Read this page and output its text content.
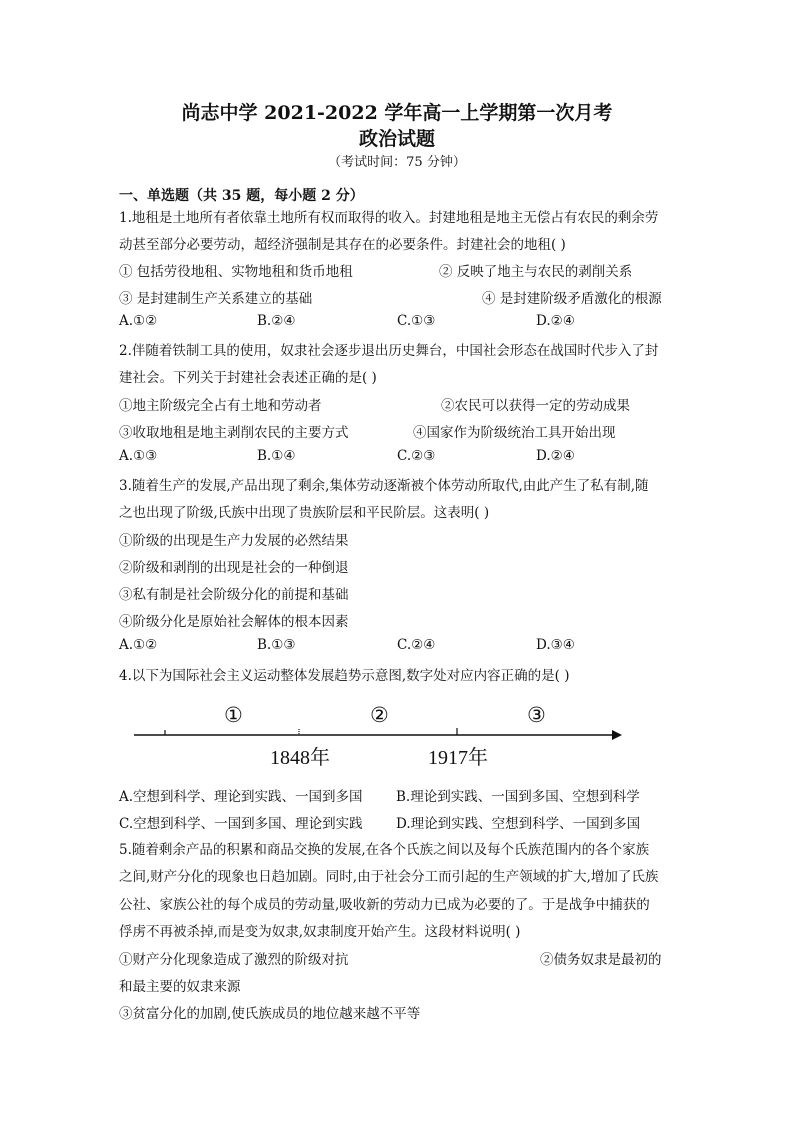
尚志中学 2021-2022 学年高一上学期第一次月考
政治试题
（考试时间：75 分钟）
一、单选题（共 35 题，每小题 2 分）
1.地租是土地所有者依靠土地所有权而取得的收入。封建地租是地主无偿占有农民的剩余劳
动甚至部分必要劳动，超经济强制是其存在的必要条件。封建社会的地租( )
① 包括劳役地租、实物地租和货币地租	② 反映了地主与农民的剥削关系
③ 是封建制生产关系建立的基础	④ 是封建阶级矛盾激化的根源
A.①②	B.②④	C.①③	D.②④
2.伴随着铁制工具的使用，奴隶社会逐步退出历史舞台，中国社会形态在战国时代步入了封
建社会。下列关于封建社会表述正确的是( )
①地主阶级完全占有土地和劳动者	②农民可以获得一定的劳动成果
③收取地租是地主剥削农民的主要方式	④国家作为阶级统治工具开始出现
A.①③	B.①④	C.②③	D.②④
3.随着生产的发展,产品出现了剩余,集体劳动逐渐被个体劳动所取代,由此产生了私有制,随
之也出现了阶级,氏族中出现了贵族阶层和平民阶层。这表明( )
①阶级的出现是生产力发展的必然结果
②阶级和剥削的出现是社会的一种倒退
③私有制是社会阶级分化的前提和基础
④阶级分化是原始社会解体的根本因素
A.①②	B.①③	C.②④	D.③④
4.以下为国际社会主义运动整体发展趋势示意图,数字处对应内容正确的是( )
①	②	③
1848年	1917年
A.空想到科学、理论到实践、一国到多国 B.理论到实践、一国到多国、空想到科学
C.空想到科学、一国到多国、理论到实践 D.理论到实践、空想到科学、一国到多国
5.随着剩余产品的积累和商品交换的发展,在各个氏族之间以及每个氏族范围内的各个家族
之间,财产分化的现象也日趋加剧。同时,由于社会分工而引起的生产领域的扩大,增加了氏族
公社、家族公社的每个成员的劳动量,吸收新的劳动力已成为必要的了。于是战争中捕获的
俘虏不再被杀掉,而是变为奴隶,奴隶制度开始产生。这段材料说明( )
①财产分化现象造成了激烈的阶级对抗	②债务奴隶是最初的
和最主要的奴隶来源
③贫富分化的加剧,使氏族成员的地位越来越不平等
